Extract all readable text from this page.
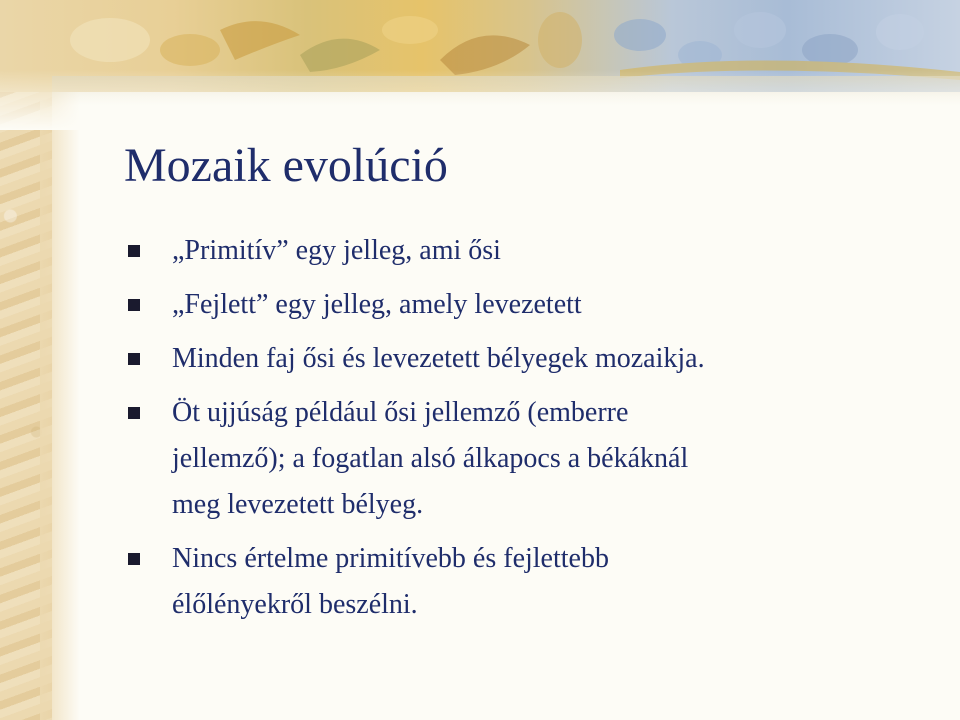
Mozaik evolúció
„Primitív” egy jelleg, ami ősi
„Fejlett” egy jelleg, amely levezetett
Minden faj ősi és levezetett bélyegek mozaikja.
Öt ujjúság például ősi jellemző (emberre
jellemző); a fogatlan alsó álkapocs a békáknál
meg levezetett bélyeg.
Nincs értelme primitívebb és fejlettebb
élőlényekről beszélni.
